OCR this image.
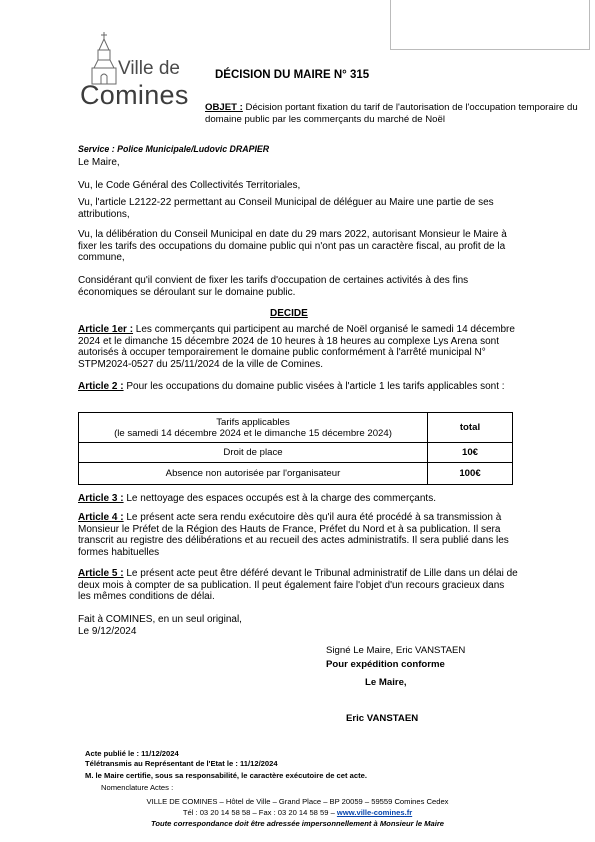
Ville de
Comines
DÉCISION DU MAIRE N° 315
OBJET : Décision portant fixation du tarif de l'autorisation de l'occupation temporaire du domaine public par les commerçants du marché de Noël
Service : Police Municipale/Ludovic DRAPIER
Le Maire,
Vu, le Code Général des Collectivités Territoriales,
Vu, l'article L2122-22 permettant au Conseil Municipal de déléguer au Maire une partie de ses attributions,
Vu, la délibération du Conseil Municipal en date du 29 mars 2022, autorisant Monsieur le Maire à fixer les tarifs des occupations du domaine public qui n'ont pas un caractère fiscal, au profit de la commune,
Considérant qu'il convient de fixer les tarifs d'occupation de certaines activités à des fins économiques se déroulant sur le domaine public.
DECIDE
Article 1er : Les commerçants qui participent au marché de Noël organisé le samedi 14 décembre 2024 et le dimanche 15 décembre 2024 de 10 heures à 18 heures au complexe Lys Arena sont autorisés à occuper temporairement le domaine public conformément à l'arrêté municipal N° STPM2024-0527 du 25/11/2024 de la ville de Comines.
Article 2 : Pour les occupations du domaine public visées à l'article 1 les tarifs applicables sont :
Tarifs applicables
(le samedi 14 décembre 2024 et le dimanche 15 décembre 2024)	total
Droit de place	10€
Absence non autorisée par l'organisateur	100€
Article 3 : Le nettoyage des espaces occupés est à la charge des commerçants.
Article 4 : Le présent acte sera rendu exécutoire dès qu'il aura été procédé à sa transmission à Monsieur le Préfet de la Région des Hauts de France, Préfet du Nord et à sa publication. Il sera transcrit au registre des délibérations et au recueil des actes administratifs. Il sera publié dans les formes habituelles
Article 5 : Le présent acte peut être déféré devant le Tribunal administratif de Lille dans un délai de deux mois à compter de sa publication. Il peut également faire l'objet d'un recours gracieux dans les mêmes conditions de délai.
Fait à COMINES, en un seul original,
Le 9/12/2024
Signé Le Maire, Eric VANSTAEN
Pour expédition conforme
Le Maire,
Eric VANSTAEN
Acte publié le : 11/12/2024
Télétransmis au Représentant de l'Etat le : 11/12/2024
M. le Maire certifie, sous sa responsabilité, le caractère exécutoire de cet acte.
Nomenclature Actes :
VILLE DE COMINES – Hôtel de Ville – Grand Place – BP 20059 – 59559 Comines Cedex
Tél : 03 20 14 58 58 – Fax : 03 20 14 58 59 – www.ville-comines.fr
Toute correspondance doit être adressée impersonnellement à Monsieur le Maire
